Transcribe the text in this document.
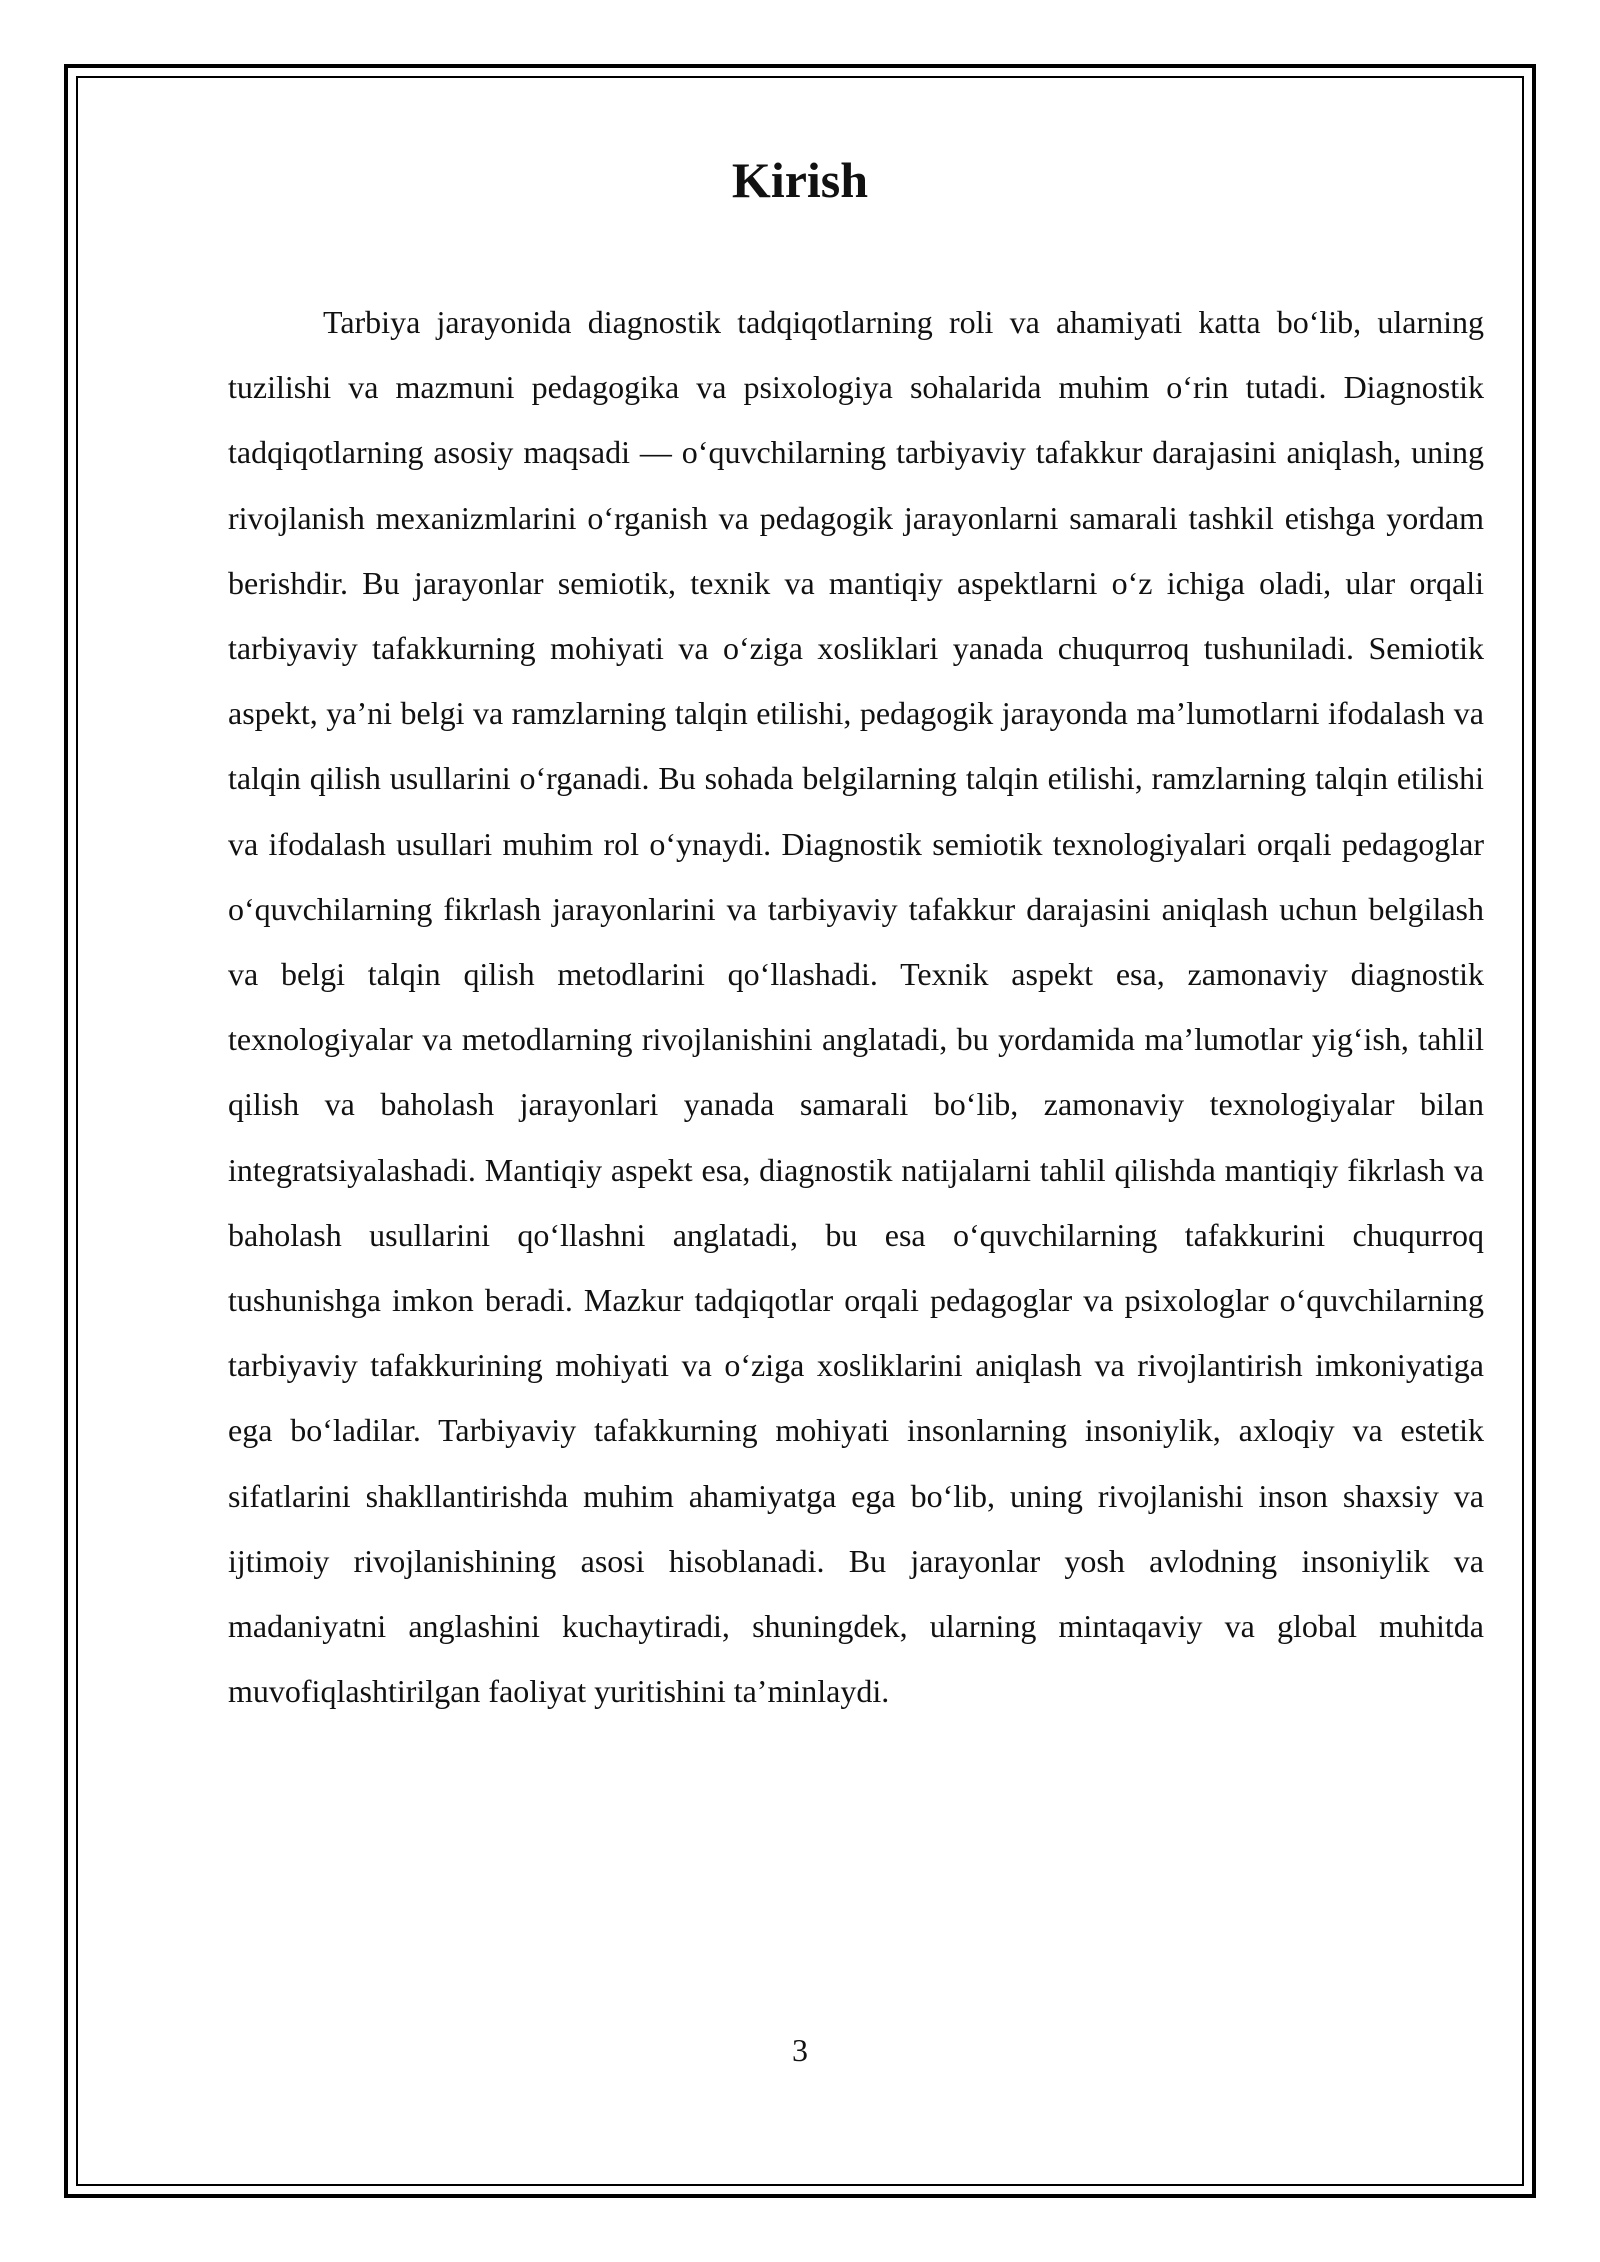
Kirish

Tarbiya jarayonida diagnostik tadqiqotlarning roli va ahamiyati katta bo‘lib, ularning tuzilishi va mazmuni pedagogika va psixologiya sohalarida muhim o‘rin tutadi. Diagnostik tadqiqotlarning asosiy maqsadi — o‘quvchilarning tarbiyaviy tafakkur darajasini aniqlash, uning rivojlanish mexanizmlarini o‘rganish va pedagogik jarayonlarni samarali tashkil etishga yordam berishdir. Bu jarayonlar semiotik, texnik va mantiqiy aspektlarni o‘z ichiga oladi, ular orqali tarbiyaviy tafakkurning mohiyati va o‘ziga xosliklari yanada chuqurroq tushuniladi. Semiotik aspekt, ya’ni belgi va ramzlarning talqin etilishi, pedagogik jarayonda ma’lumotlarni ifodalash va talqin qilish usullarini o‘rganadi. Bu sohada belgilarning talqin etilishi, ramzlarning talqin etilishi va ifodalash usullari muhim rol o‘ynaydi. Diagnostik semiotik texnologiyalari orqali pedagoglar o‘quvchilarning fikrlash jarayonlarini va tarbiyaviy tafakkur darajasini aniqlash uchun belgilash va belgi talqin qilish metodlarini qo‘llashadi. Texnik aspekt esa, zamonaviy diagnostik texnologiyalar va metodlarning rivojlanishini anglatadi, bu yordamida ma’lumotlar yig‘ish, tahlil qilish va baholash jarayonlari yanada samarali bo‘lib, zamonaviy texnologiyalar bilan integratsiyalashadi. Mantiqiy aspekt esa, diagnostik natijalarni tahlil qilishda mantiqiy fikrlash va baholash usullarini qo‘llashni anglatadi, bu esa o‘quvchilarning tafakkurini chuqurroq tushunishga imkon beradi. Mazkur tadqiqotlar orqali pedagoglar va psixologlar o‘quvchilarning tarbiyaviy tafakkurining mohiyati va o‘ziga xosliklarini aniqlash va rivojlantirish imkoniyatiga ega bo‘ladilar. Tarbiyaviy tafakkurning mohiyati insonlarning insoniylik, axloqiy va estetik sifatlarini shakllantirishda muhim ahamiyatga ega bo‘lib, uning rivojlanishi inson shaxsiy va ijtimoiy rivojlanishining asosi hisoblanadi. Bu jarayonlar yosh avlodning insoniylik va madaniyatni anglashini kuchaytiradi, shuningdek, ularning mintaqaviy va global muhitda muvofiqlashtirilgan faoliyat yuritishini ta’minlaydi.

3
